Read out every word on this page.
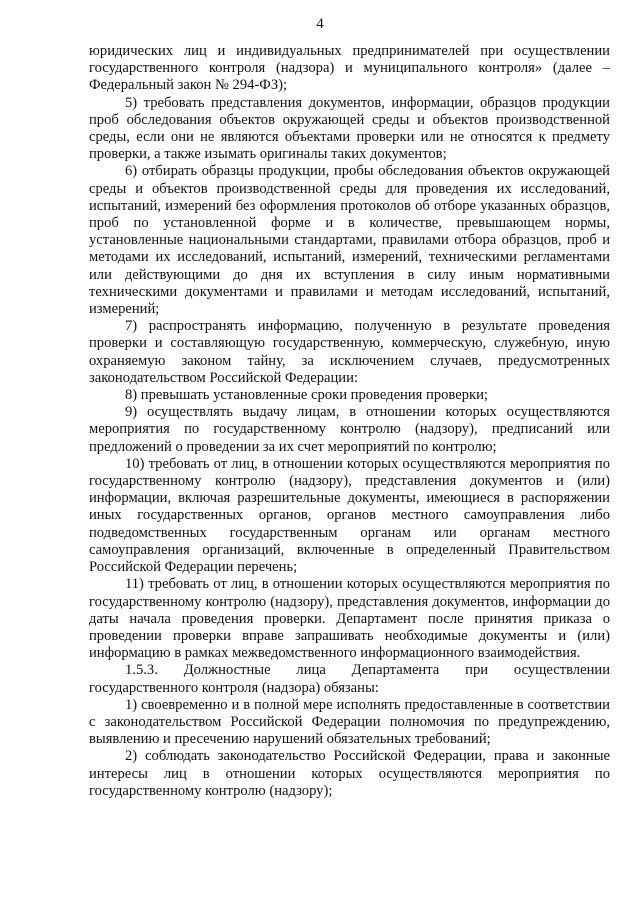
4

юридических лиц и индивидуальных предпринимателей при осуществлении государственного контроля (надзора) и муниципального контроля» (далее – Федеральный закон № 294-ФЗ);

5) требовать представления документов, информации, образцов продукции проб обследования объектов окружающей среды и объектов производственной среды, если они не являются объектами проверки или не относятся к предмету проверки, а также изымать оригиналы таких документов;

6) отбирать образцы продукции, пробы обследования объектов окружающей среды и объектов производственной среды для проведения их исследований, испытаний, измерений без оформления протоколов об отборе указанных образцов, проб по установленной форме и в количестве, превышающем нормы, установленные национальными стандартами, правилами отбора образцов, проб и методами их исследований, испытаний, измерений, техническими регламентами или действующими до дня их вступления в силу иным нормативными техническими документами и правилами и методам исследований, испытаний, измерений;

7) распространять информацию, полученную в результате проведения проверки и составляющую государственную, коммерческую, служебную, иную охраняемую законом тайну, за исключением случаев, предусмотренных законодательством Российской Федерации:

8) превышать установленные сроки проведения проверки;

9) осуществлять выдачу лицам, в отношении которых осуществляются мероприятия по государственному контролю (надзору), предписаний или предложений о проведении за их счет мероприятий по контролю;

10) требовать от лиц, в отношении которых осуществляются мероприятия по государственному контролю (надзору), представления документов и (или) информации, включая разрешительные документы, имеющиеся в распоряжении иных государственных органов, органов местного самоуправления либо подведомственных государственным органам или органам местного самоуправления организаций, включенные в определенный Правительством Российской Федерации перечень;

11) требовать от лиц, в отношении которых осуществляются мероприятия по государственному контролю (надзору), представления документов, информации до даты начала проведения проверки. Департамент после принятия приказа о проведении проверки вправе запрашивать необходимые документы и (или) информацию в рамках межведомственного информационного взаимодействия.

1.5.3. Должностные лица Департамента при осуществлении государственного контроля (надзора) обязаны:

1) своевременно и в полной мере исполнять предоставленные в соответствии с законодательством Российской Федерации полномочия по предупреждению, выявлению и пресечению нарушений обязательных требований;

2) соблюдать законодательство Российской Федерации, права и законные интересы лиц в отношении которых осуществляются мероприятия по государственному контролю (надзору);
